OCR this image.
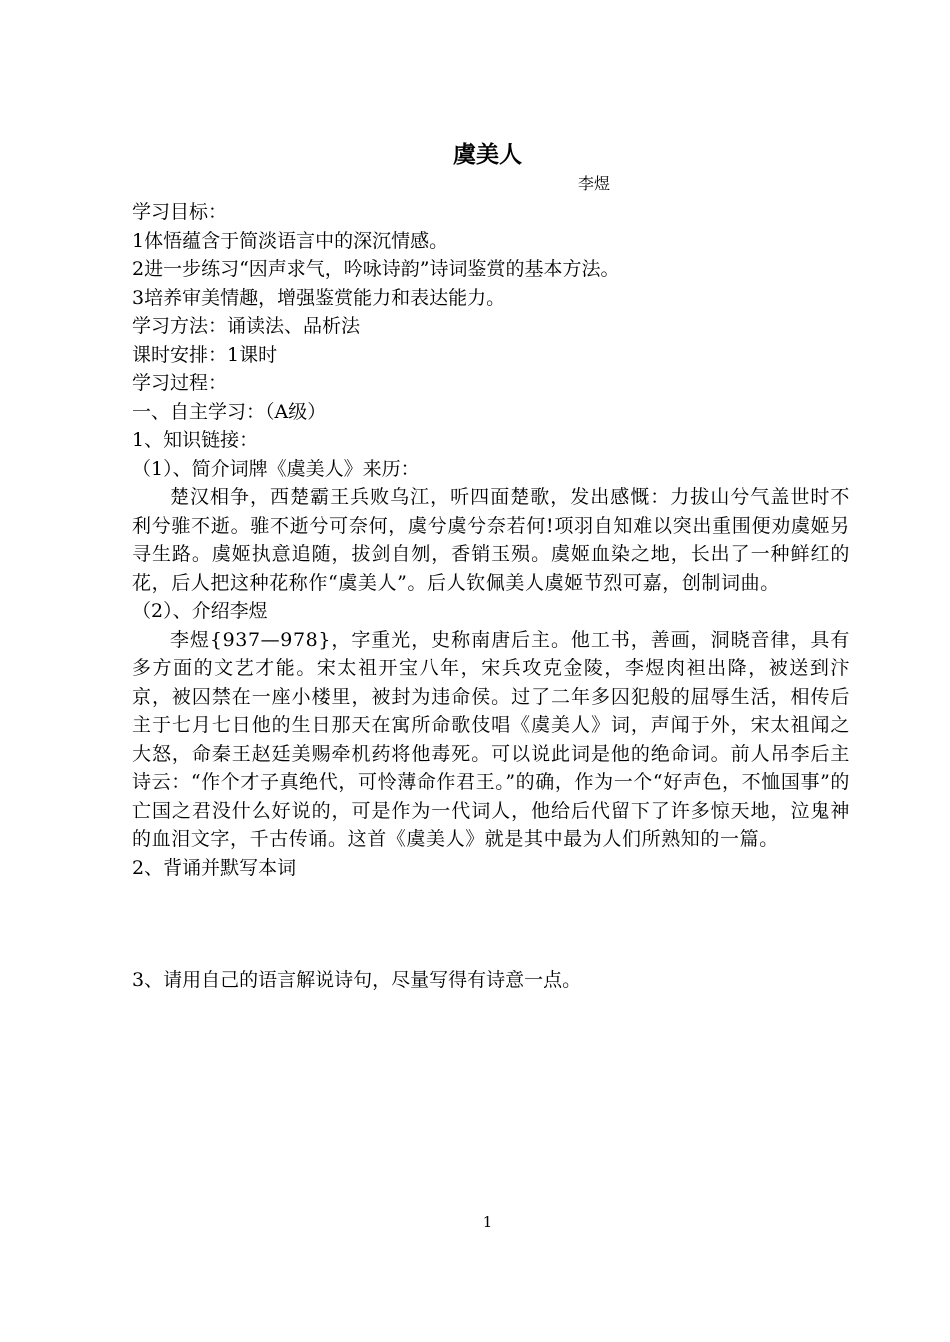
虞美人
李煜
学习目标：
1体悟蕴含于简淡语言中的深沉情感。
2进一步练习“因声求气，吟咏诗韵”诗词鉴赏的基本方法。
3培养审美情趣，增强鉴赏能力和表达能力。
学习方法：诵读法、品析法
课时安排：1课时
学习过程：
一、自主学习：（A级）
1、知识链接：
（1）、简介词牌《虞美人》来历：

楚汉相争，西楚霸王兵败乌江，听四面楚歌，发出感慨：力拔山兮气盖世时不利兮骓不逝。骓不逝兮可奈何，虞兮虞兮奈若何!项羽自知难以突出重围便劝虞姬另寻生路。虞姬执意追随，拔剑自刎，香销玉殒。虞姬血染之地，长出了一种鲜红的花，后人把这种花称作“虞美人”。后人钦佩美人虞姬节烈可嘉，创制词曲。

（2）、介绍李煜

李煜{937—978}，字重光，史称南唐后主。他工书，善画，洞晓音律，具有多方面的文艺才能。宋太祖开宝八年，宋兵攻克金陵，李煜肉袒出降，被送到汴京，被囚禁在一座小楼里，被封为违命侯。过了二年多囚犯般的屈辱生活，相传后主于七月七日他的生日那天在寓所命歌伎唱《虞美人》词，声闻于外，宋太祖闻之大怒，命秦王赵廷美赐牵机药将他毒死。可以说此词是他的绝命词。前人吊李后主诗云：“作个才子真绝代，可怜薄命作君王。”的确，作为一个“好声色，不恤国事”的亡国之君没什么好说的，可是作为一代词人，他给后代留下了许多惊天地，泣鬼神的血泪文字，千古传诵。这首《虞美人》就是其中最为人们所熟知的一篇。

2、背诵并默写本词
3、请用自己的语言解说诗句，尽量写得有诗意一点。
1
